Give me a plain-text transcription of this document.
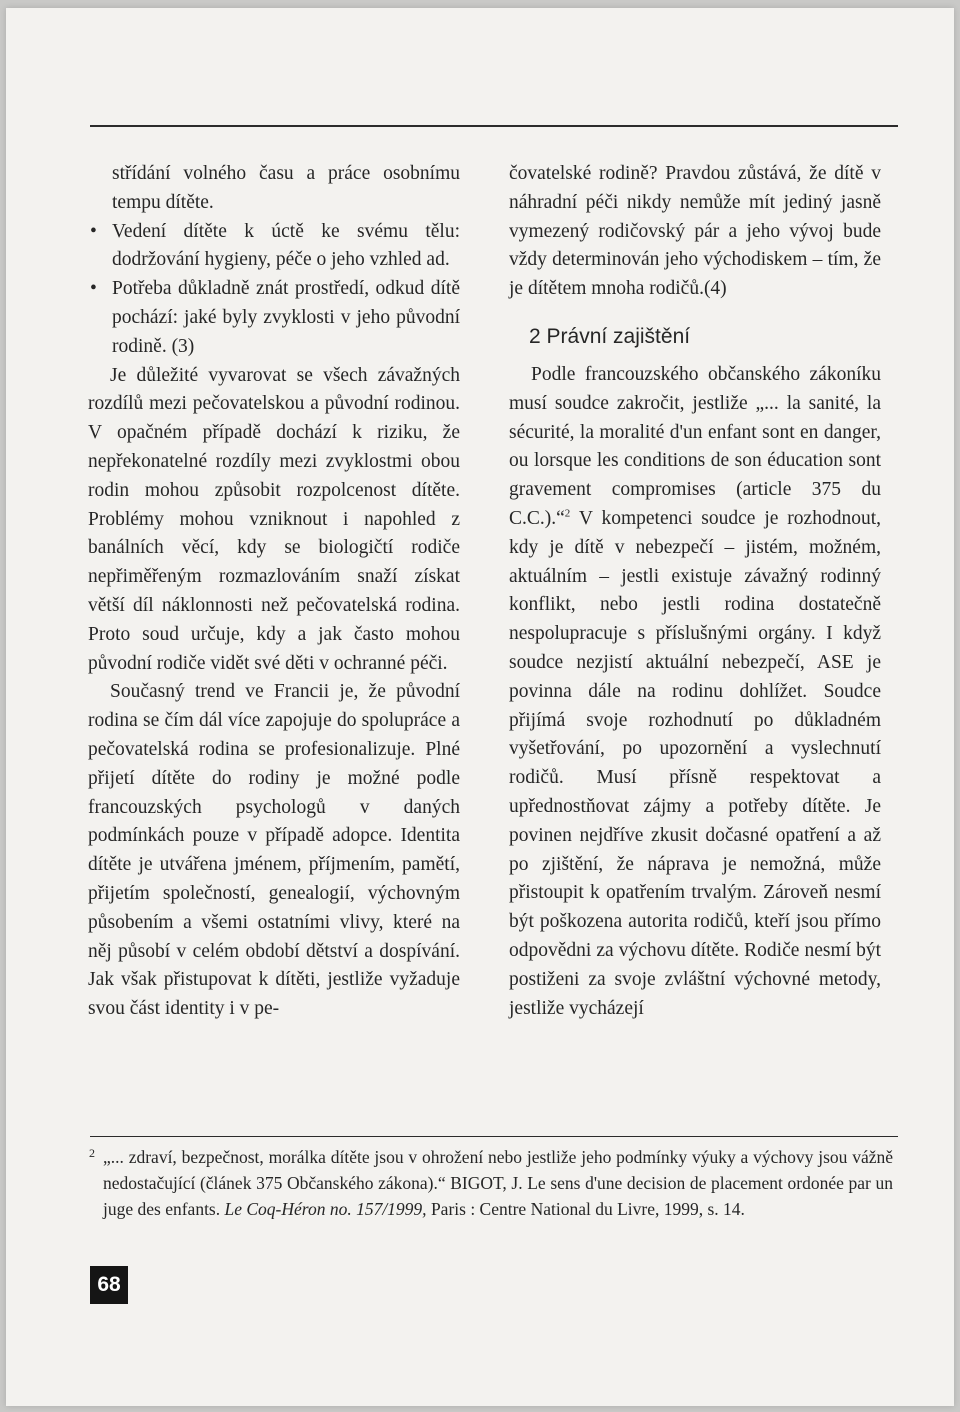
střídání volného času a práce osobnímu tempu dítěte.

• Vedení dítěte k úctě ke svému tělu: dodržování hygieny, péče o jeho vzhled ad.
• Potřeba důkladně znát prostředí, odkud dítě pochází: jaké byly zvyklosti v jeho původní rodině. (3)

Je důležité vyvarovat se všech závažných rozdílů mezi pečovatelskou a původní rodinou. V opačném případě dochází k riziku, že nepřekonatelné rozdíly mezi zvyklostmi obou rodin mohou způsobit rozpolcenost dítěte. Problémy mohou vzniknout i napohled z banálních věcí, kdy se biologičtí rodiče nepřiměřeným rozmazlováním snaží získat větší díl náklonnosti než pečovatelská rodina. Proto soud určuje, kdy a jak často mohou původní rodiče vidět své děti v ochranné péči.

Současný trend ve Francii je, že původní rodina se čím dál více zapojuje do spolupráce a pečovatelská rodina se profesionalizuje. Plné přijetí dítěte do rodiny je možné podle francouzských psychologů v daných podmínkách pouze v případě adopce. Identita dítěte je utvářena jménem, příjmením, pamětí, přijetím společností, genealogií, výchovným působením a všemi ostatními vlivy, které na něj působí v celém období dětství a dospívání. Jak však přistupovat k dítěti, jestliže vyžaduje svou část identity i v pe-

čovatelské rodině? Pravdou zůstává, že dítě v náhradní péči nikdy nemůže mít jediný jasně vymezený rodičovský pár a jeho vývoj bude vždy determinován jeho východiskem – tím, že je dítětem mnoha rodičů.(4)

2 Právní zajištění

Podle francouzského občanského zákoníku musí soudce zakročit, jestliže „... la sanité, la sécurité, la moralité d'un enfant sont en danger, ou lorsque les conditions de son éducation sont gravement compromises (article 375 du C.C.).“$^2$ V kompetenci soudce je rozhodnout, kdy je dítě v nebezpečí – jistém, možném, aktuálním – jestli existuje závažný rodinný konflikt, nebo jestli rodina dostatečně nespolupracuje s příslušnými orgány. I když soudce nezjistí aktuální nebezpečí, ASE je povinna dále na rodinu dohlížet. Soudce přijímá svoje rozhodnutí po důkladném vyšetřování, po upozornění a vyslechnutí rodičů. Musí přísně respektovat a upřednostňovat zájmy a potřeby dítěte. Je povinen nejdříve zkusit dočasné opatření a až po zjištění, že náprava je nemožná, může přistoupit k opatřením trvalým. Zároveň nesmí být poškozena autorita rodičů, kteří jsou přímo odpovědni za výchovu dítěte. Rodiče nesmí být postiženi za svoje zvláštní výchovné metody, jestliže vycházejí

2 „... zdraví, bezpečnost, morálka dítěte jsou v ohrožení nebo jestliže jeho podmínky výuky a výchovy jsou vážně nedostačující (článek 375 Občanského zákona).“ BIGOT, J. Le sens d'une decision de placement ordonée par un juge des enfants. Le Coq-Héron no. 157/1999, Paris : Centre National du Livre, 1999, s. 14.
68
